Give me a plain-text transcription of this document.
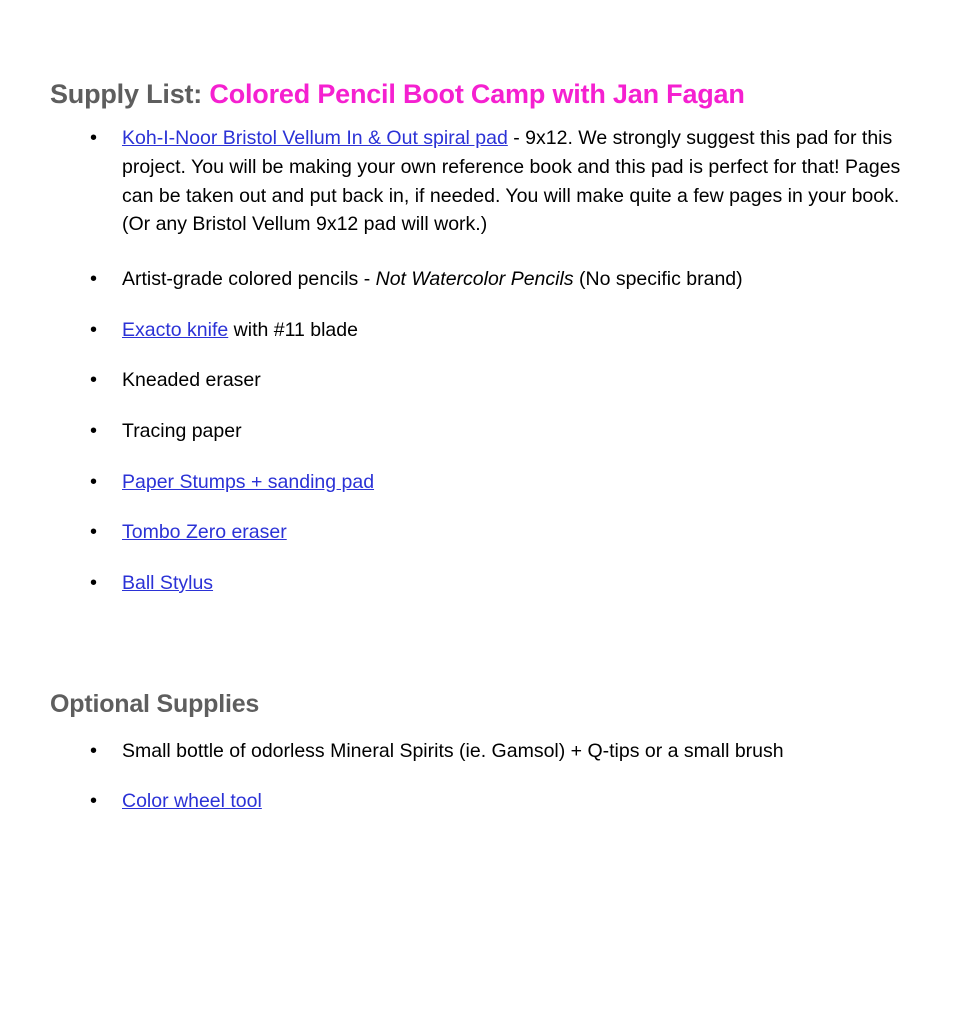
Supply List: Colored Pencil Boot Camp with Jan Fagan
• Koh-I-Noor Bristol Vellum In & Out spiral pad - 9x12. We strongly suggest this pad for this project. You will be making your own reference book and this pad is perfect for that! Pages can be taken out and put back in, if needed. You will make quite a few pages in your book. (Or any Bristol Vellum 9x12 pad will work.)
• Artist-grade colored pencils - Not Watercolor Pencils (No specific brand)
• Exacto knife with #11 blade
• Kneaded eraser
• Tracing paper
• Paper Stumps + sanding pad
• Tombo Zero eraser
• Ball Stylus
Optional Supplies
• Small bottle of odorless Mineral Spirits (ie. Gamsol) + Q-tips or a small brush
• Color wheel tool
